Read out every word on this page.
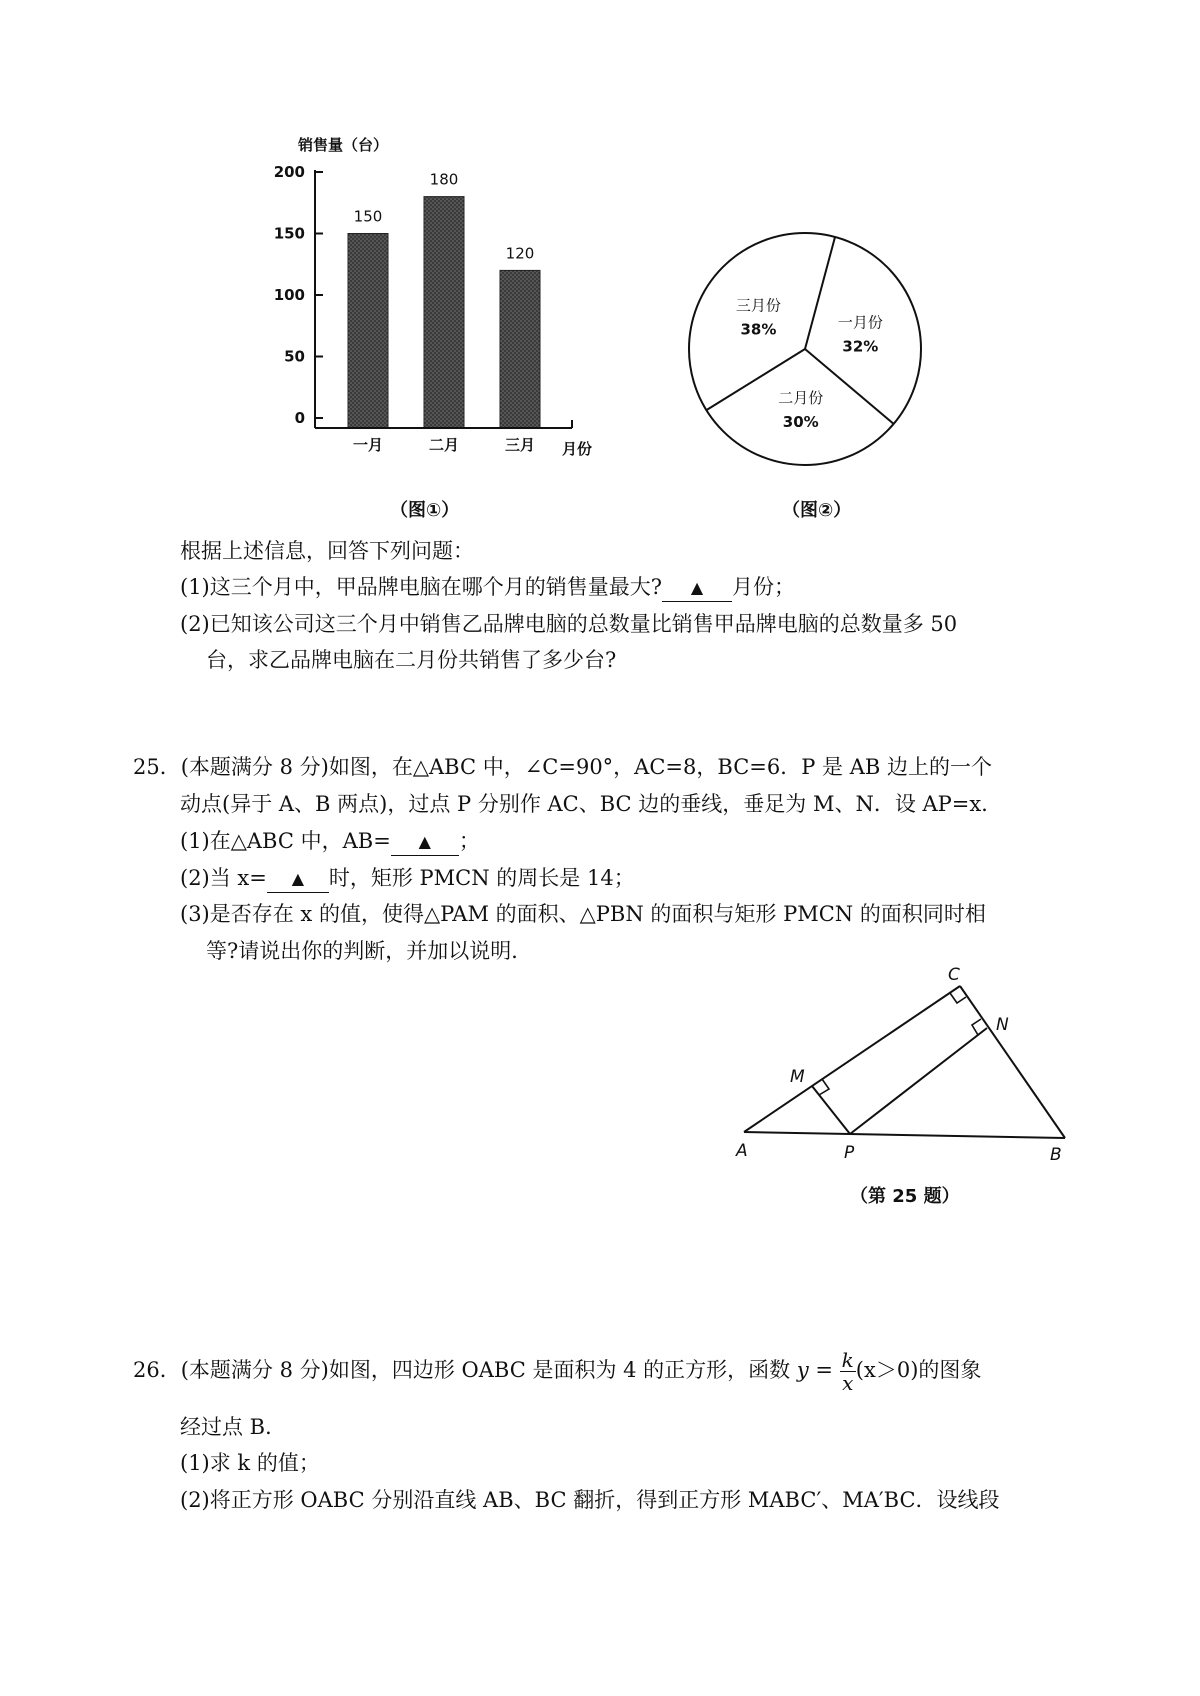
销售量（台）
0
50
100
150
200
150
一月
180
二月
120
三月 月份
（图①）
一月份
32%
二月份
30%
三月份
38%
（图②）
根据上述信息，回答下列问题：
(1)这三个月中，甲品牌电脑在哪个月的销售量最大? ▲ 月份；
(2)已知该公司这三个月中销售乙品牌电脑的总数量比销售甲品牌电脑的总数量多 50
台，求乙品牌电脑在二月份共销售了多少台?
25．(本题满分 8 分)如图，在△ABC 中，∠C=90°，AC=8，BC=6．P 是 AB 边上的一个
动点(异于 A、B 两点)，过点 P 分别作 AC、BC 边的垂线，垂足为 M、N．设 AP=x．
(1)在△ABC 中，AB= ▲ ；
(2)当 x= ▲ 时，矩形 PMCN 的周长是 14；
(3)是否存在 x 的值，使得△PAM 的面积、△PBN 的面积与矩形 PMCN 的面积同时相
等?请说出你的判断，并加以说明．
A	B
C
M
N
P
（第 25 题）
26．(本题满分 8 分)如图，四边形 OABC 是面积为 4 的正方形，函数 $y = \frac{k}{x} (x>0)$的图象
经过点 B．
(1)求 k 的值；
(2)将正方形 OABC 分别沿直线 AB、BC 翻折，得到正方形 MABC′、MA′BC．设线段
